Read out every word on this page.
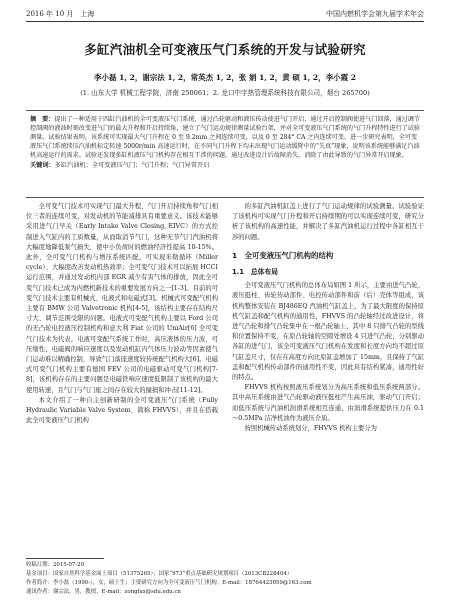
2016 年 10 月　上海	中国内燃机学会第九届学术年会
多缸汽油机全可变液压气门系统的开发与试验研究
李小磊 1, 2，谢宗法 1, 2，常英杰 1, 2，张 娟 1, 2，黄 硕 1, 2，李小霞 2
(1. 山东大学 机械工程学院，济南 250061；2. 龙口中宇热管理系统科技有限公司，烟台 265700)
摘　要：提出了一种适用于四缸汽油机的全可变液压气门系统，通过凸轮驱动和液压传动使进气门开启，通过开启控制阀使进气门回落，通过调节控制阀的液油时刻改变进气门的最大升程和开启持续角，建立了气门运动规律测量试验台架，并对全可变液压气门系统的气门升程特性进行了试验测量。试验结果表明，该系统可实现最大气门升程在 0 至 9.2mm 之间连续可变，以及 0 至 284° CA 之内连续可变。进一步研究表明，全可变液压气门系统续压汽油机标定转速 5000r/min 高速运行时，在不同气门升程下均未出现气门运动缓降中的“失真”现象，说明该系统能够满足汽油机高速运行的需求。试验还发现多缸机液压气门机构存在相互干涉的问题，通过改进设计后故障消失，消除了由此导致的气门异常开启现象。
关键词：多缸汽油机；全可变液压气门；气门升程；气门异常开启

全可变气门技术可实现气门最大升程、气门开启持续角和气门相位三者的连续可变，对发动机的节能减排具有重要意义。该技术能够采用进气门早关（Early Intake Valve Closing, EIVC）的方式控制进入气缸内的工质数量，从而取消节气门，这种无节气门汽油机将大幅度地降低泵气损失，使中小负荷时的燃油经济性提高 10-15%。此外，全可变气门机构与增压系统匹配，可实现米勒循环（Miller cycle）、大幅度改善发动机热效率；全可变气门技术可以拓展 HCCI 运行范围，并通过发动机内部 EGR 减少有害气体的排放，因此全可变气门技术已成为内燃机新技术的重要发展方向之一[1-3]。目前的可变气门技术主要有机械式、电液式和电磁式[3]。机械式可变配气机构主要有 BMW 公司 Valvetronic 机构[4-5]，该结构主要存在结构尺寸大、调节范围受限的问题。电液式可变配气机构主要以 Ford 公司的无凸轮电控液压控制机构和意大利 Fiat 公司的 UniAir[6] 全可变气门技术为代表，电液可变配气系统工作时，高压液体的压力波、可压缩性、电磁阀的响应速度以及发动机缸内气体压力波动等因素使气门运动难以精确控制，导致气门落座速度较传统配气机构大[6]。电磁式可变气门机构主要有德国 FEV 公司的电磁驱动可变气门机构[7-8]，该机构存在的主要问题是电磁铁响应速度低限制了该机构的最大使用转速，且气门与气门座之间存在较大的撞损和冲击[11-12]。

本文介绍了一种自主创新研制的全可变液压气门系统（Fully Hydraulic Variable Valve System，简称 FHVVS），并且在搭载此全可变液压气门机构

的多缸汽油机缸盖上进行了气门运动规律的试验测量。试验验证了该机构可实现气门升程和开启持续期的可以实现连续可变，研究分析了该机构的高速性能，并解决了多缸汽油机运行过程中各缸相互干涉的问题。

1　全可变液压气门机构的结构
1.1　总体布局

全可变液压气门机构的总体布局如图 1 所示，主要由进气凸轮、液压挺柱、齿轮传动部件、电控传动部件和前（后）壳体等组成，该机构整体安装在 BJ486EQ 汽油机气缸盖上，为了最大限度的保持原机气缸盖和配气机构的通用性，FHVVS 的凸轮轴经过改进设计，将进气凸轮和排气凸轮集中在一根凸轮轴上，其中 8 只排气凸轮的型线和位置保持不变，在原凸轮轴的空隙处增设 4 只进气凸轮，分别驱动各缸的进气门，该全可变液压气门机构在发度和长度方向均不超过原气缸盖尺寸，仅在在高度方向比原缸盖增加了 15mm，且保持了气缸盖和配气机构传动部件的通用性不变，因此具有结构紧凑，通用性好的特点。

FHVVS 机构按照液压系统划分为高压系统和低压系统两部分。其中高压系统由进气凸轮驱动液压挺柱产生高压油，驱动气门开启；而低压系统与汽油机润滑系统相互连通，由润滑系统提供压力在 0.1～0.5MPa 洁净机油作为液压介质。

按照机械传动系统划分，FHVVS 机构主要分为

收稿日期：2015-07-20
基金项目：国家自然科学基金面上项目（51375265）；国家“973”重点基础研究规划项目（2013CB228404）
作者简介：李小磊（1990-），女，硕士生；主要研究方向为全可变液压气门机构。E-mail：18764423059@163.com
通讯作者：谢宗法，男，教授，E-mail：zongfax@sdu.edu.cn
